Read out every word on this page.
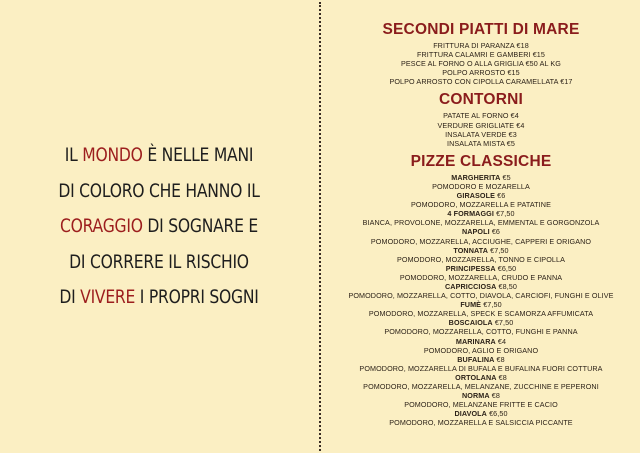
IL MONDO È NELLE MANI
DI COLORO CHE HANNO IL
CORAGGIO DI SOGNARE E
DI CORRERE IL RISCHIO
DI VIVERE I PROPRI SOGNI
SECONDI PIATTI DI MARE
FRITTURA DI PARANZA €18
FRITTURA CALAMRI E GAMBERI €15
PESCE AL FORNO O ALLA GRIGLIA €50 AL KG
POLPO ARROSTO €15
POLPO ARROSTO CON CIPOLLA CARAMELLATA €17
CONTORNI
PATATE AL FORNO €4
VERDURE GRIGLIATE €4
INSALATA VERDE €3
INSALATA MISTA €5
PIZZE CLASSICHE
MARGHERITA €5
POMODORO E MOZARELLA
GIRASOLE €6
POMODORO, MOZZARELLA E PATATINE
4 FORMAGGI €7,50
BIANCA, PROVOLONE, MOZZARELLA, EMMENTAL E GORGONZOLA
NAPOLI €6
POMODORO, MOZZARELLA, ACCIUGHE, CAPPERI E ORIGANO
TONNATA €7,50
POMODORO, MOZZARELLA, TONNO E CIPOLLA
PRINCIPESSA €6,50
POMODORO, MOZZARELLA, CRUDO E PANNA
CAPRICCIOSA €8,50
POMODORO, MOZZARELLA, COTTO, DIAVOLA, CARCIOFI, FUNGHI E OLIVE
FUMÈ €7,50
POMODORO, MOZZARELLA, SPECK E SCAMORZA AFFUMICATA
BOSCAIOLA €7,50
POMODORO, MOZZARELLA, COTTO, FUNGHI E PANNA
MARINARA €4
POMODORO, AGLIO E ORIGANO
BUFALINA €8
POMODORO, MOZZARELLA DI BUFALA E BUFALINA FUORI COTTURA
ORTOLANA €8
POMODORO, MOZZARELLA, MELANZANE, ZUCCHINE E PEPERONI
NORMA €8
POMODORO, MELANZANE FRITTE E CACIO
DIAVOLA €6,50
POMODORO, MOZZARELLA E SALSICCIA PICCANTE
